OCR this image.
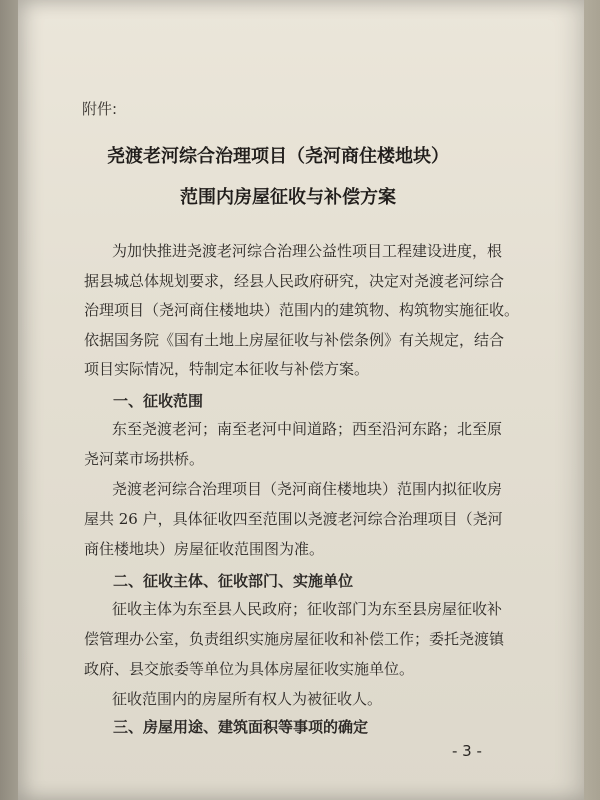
附件:
尧渡老河综合治理项目（尧河商住楼地块）
范围内房屋征收与补偿方案
为加快推进尧渡老河综合治理公益性项目工程建设进度，根
据县城总体规划要求，经县人民政府研究，决定对尧渡老河综合
治理项目（尧河商住楼地块）范围内的建筑物、构筑物实施征收。
依据国务院《国有土地上房屋征收与补偿条例》有关规定，结合
项目实际情况，特制定本征收与补偿方案。
一、征收范围
东至尧渡老河；南至老河中间道路；西至沿河东路；北至原
尧河菜市场拱桥。
尧渡老河综合治理项目（尧河商住楼地块）范围内拟征收房
屋共 26 户，具体征收四至范围以尧渡老河综合治理项目（尧河
商住楼地块）房屋征收范围图为准。
二、征收主体、征收部门、实施单位
征收主体为东至县人民政府；征收部门为东至县房屋征收补
偿管理办公室，负责组织实施房屋征收和补偿工作；委托尧渡镇
政府、县交旅委等单位为具体房屋征收实施单位。
征收范围内的房屋所有权人为被征收人。
三、房屋用途、建筑面积等事项的确定
- 3 -
